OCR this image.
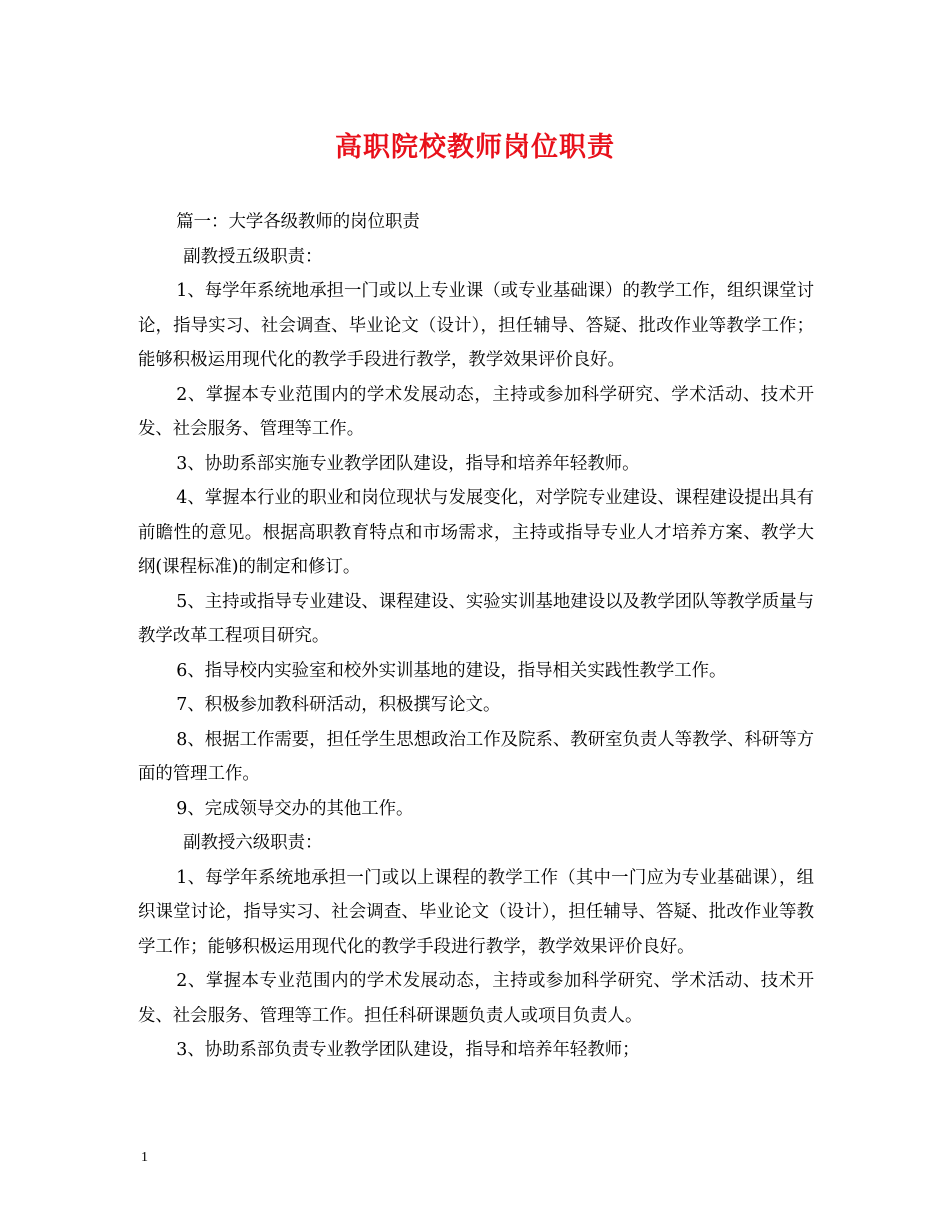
高职院校教师岗位职责

篇一：大学各级教师的岗位职责

副教授五级职责：

1、每学年系统地承担一门或以上专业课（或专业基础课）的教学工作，组织课堂讨论，指导实习、社会调查、毕业论文（设计），担任辅导、答疑、批改作业等教学工作；能够积极运用现代化的教学手段进行教学，教学效果评价良好。

2、掌握本专业范围内的学术发展动态，主持或参加科学研究、学术活动、技术开发、社会服务、管理等工作。

3、协助系部实施专业教学团队建设，指导和培养年轻教师。

4、掌握本行业的职业和岗位现状与发展变化，对学院专业建设、课程建设提出具有前瞻性的意见。根据高职教育特点和市场需求，主持或指导专业人才培养方案、教学大纲(课程标准)的制定和修订。

5、主持或指导专业建设、课程建设、实验实训基地建设以及教学团队等教学质量与教学改革工程项目研究。

6、指导校内实验室和校外实训基地的建设，指导相关实践性教学工作。

7、积极参加教科研活动，积极撰写论文。

8、根据工作需要，担任学生思想政治工作及院系、教研室负责人等教学、科研等方面的管理工作。

9、完成领导交办的其他工作。

副教授六级职责：

1、每学年系统地承担一门或以上课程的教学工作（其中一门应为专业基础课），组织课堂讨论，指导实习、社会调查、毕业论文（设计），担任辅导、答疑、批改作业等教学工作；能够积极运用现代化的教学手段进行教学，教学效果评价良好。

2、掌握本专业范围内的学术发展动态，主持或参加科学研究、学术活动、技术开发、社会服务、管理等工作。担任科研课题负责人或项目负责人。

3、协助系部负责专业教学团队建设，指导和培养年轻教师；

1
